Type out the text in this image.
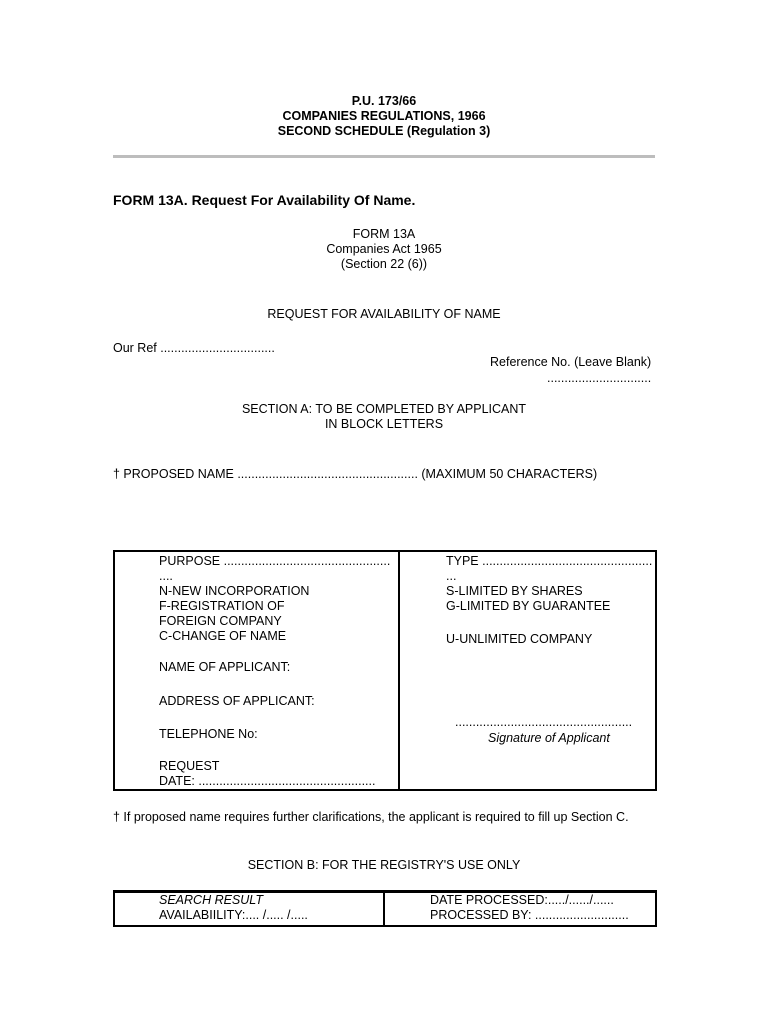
P.U. 173/66
COMPANIES REGULATIONS, 1966
SECOND SCHEDULE (Regulation 3)
FORM 13A. Request For Availability Of Name.
FORM 13A
Companies Act 1965
(Section 22 (6))
REQUEST FOR AVAILABILITY OF NAME
Our Ref .................................
Reference No. (Leave Blank)
..............................
SECTION A: TO BE COMPLETED BY APPLICANT
IN BLOCK LETTERS
† PROPOSED NAME .................................................... (MAXIMUM 50 CHARACTERS)
PURPOSE ................................................
....
N-NEW INCORPORATION
F-REGISTRATION OF
FOREIGN COMPANY
C-CHANGE OF NAME
NAME OF APPLICANT:
ADDRESS OF APPLICANT:
TELEPHONE No:
REQUEST
DATE: ...................................................
TYPE .................................................
...
S-LIMITED BY SHARES
G-LIMITED BY GUARANTEE
U-UNLIMITED COMPANY
...................................................
Signature of Applicant
† If proposed name requires further clarifications, the applicant is required to fill up Section C.
SECTION B: FOR THE REGISTRY'S USE ONLY
SEARCH RESULT
AVAILABIILITY:.... /..... /.....
DATE PROCESSED:...../....../......
PROCESSED BY: ...........................
